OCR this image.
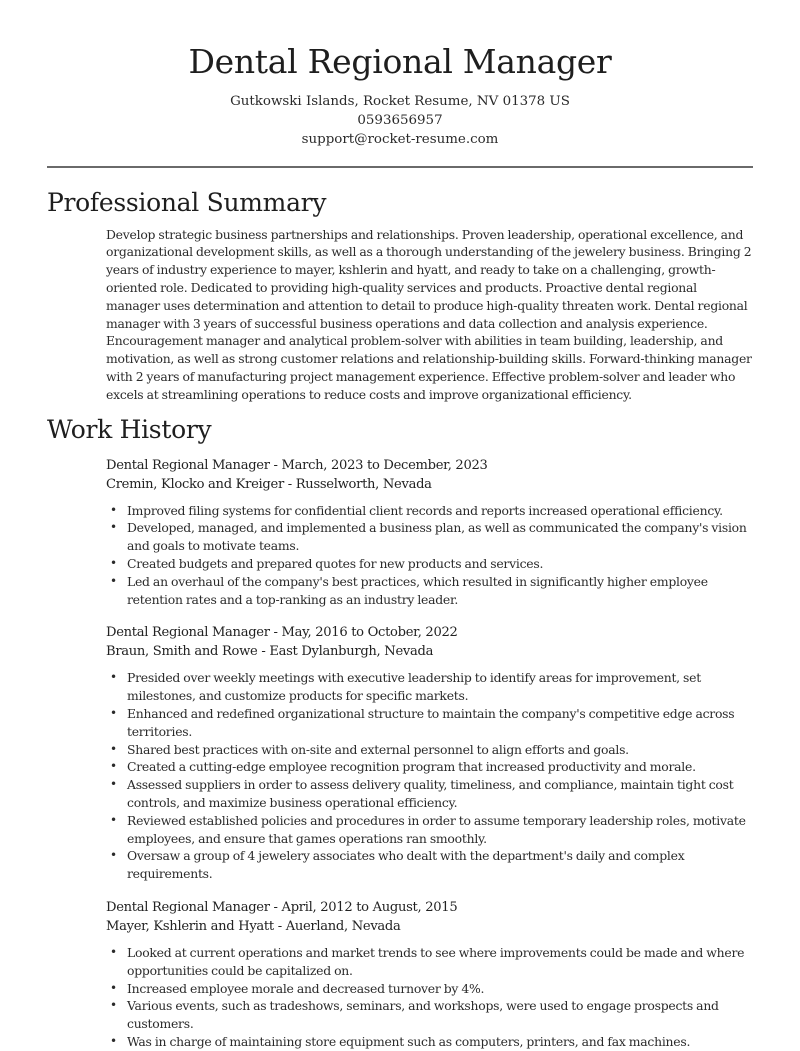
Dental Regional Manager
Gutkowski Islands, Rocket Resume, NV 01378 US
0593656957
support@rocket-resume.com
Professional Summary

Develop strategic business partnerships and relationships. Proven leadership, operational excellence, and organizational development skills, as well as a thorough understanding of the jewelery business. Bringing 2 years of industry experience to mayer, kshlerin and hyatt, and ready to take on a challenging, growth-oriented role. Dedicated to providing high-quality services and products. Proactive dental regional manager uses determination and attention to detail to produce high-quality threaten work. Dental regional manager with 3 years of successful business operations and data collection and analysis experience. Encouragement manager and analytical problem-solver with abilities in team building, leadership, and motivation, as well as strong customer relations and relationship-building skills. Forward-thinking manager with 2 years of manufacturing project management experience. Effective problem-solver and leader who excels at streamlining operations to reduce costs and improve organizational efficiency.

Work History
Dental Regional Manager - March, 2023 to December, 2023
Cremin, Klocko and Kreiger - Russelworth, Nevada
• Improved filing systems for confidential client records and reports increased operational efficiency.
• Developed, managed, and implemented a business plan, as well as communicated the company's vision and goals to motivate teams.
• Created budgets and prepared quotes for new products and services.
• Led an overhaul of the company's best practices, which resulted in significantly higher employee retention rates and a top-ranking as an industry leader.
Dental Regional Manager - May, 2016 to October, 2022
Braun, Smith and Rowe - East Dylanburgh, Nevada
• Presided over weekly meetings with executive leadership to identify areas for improvement, set milestones, and customize products for specific markets.
• Enhanced and redefined organizational structure to maintain the company's competitive edge across territories.
• Shared best practices with on-site and external personnel to align efforts and goals.
• Created a cutting-edge employee recognition program that increased productivity and morale.
• Assessed suppliers in order to assess delivery quality, timeliness, and compliance, maintain tight cost controls, and maximize business operational efficiency.
• Reviewed established policies and procedures in order to assume temporary leadership roles, motivate employees, and ensure that games operations ran smoothly.
• Oversaw a group of 4 jewelery associates who dealt with the department's daily and complex requirements.
Dental Regional Manager - April, 2012 to August, 2015
Mayer, Kshlerin and Hyatt - Auerland, Nevada
• Looked at current operations and market trends to see where improvements could be made and where opportunities could be capitalized on.
• Increased employee morale and decreased turnover by 4%.
• Various events, such as tradeshows, seminars, and workshops, were used to engage prospects and customers.
• Was in charge of maintaining store equipment such as computers, printers, and fax machines.
